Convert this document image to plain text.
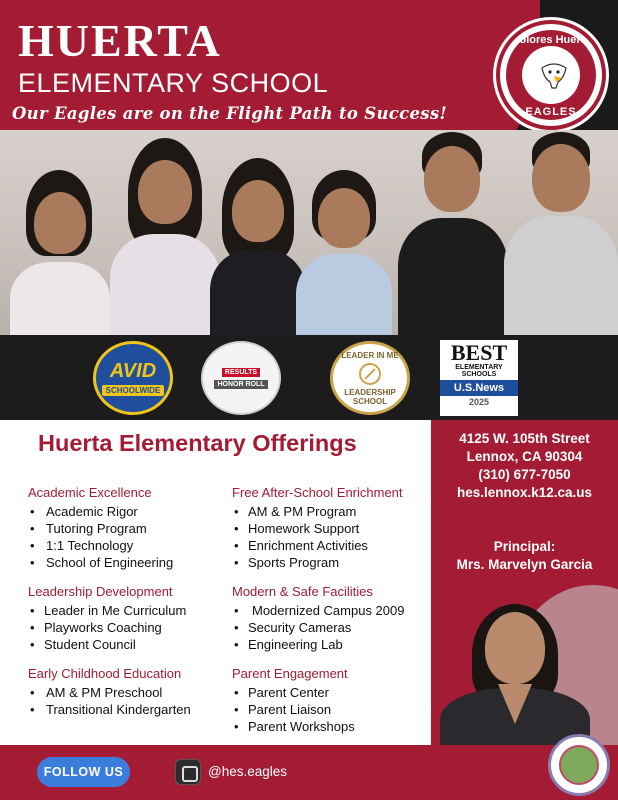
HUERTA
ELEMENTARY SCHOOL
Our Eagles are on the Flight Path to Success!
Dolores Huerta
EAGLES
AVID
SCHOOLWIDE
RESULTS
HONOR ROLL
LEADER IN ME
LEADERSHIP SCHOOL
BEST
ELEMENTARY SCHOOLS
U.S.News
2025
Huerta Elementary Offerings
Academic Excellence
• Academic Rigor
• Tutoring Program
• 1:1 Technology
• School of Engineering
Leadership Development
• Leader in Me Curriculum
• Playworks Coaching
• Student Council
Early Childhood Education
• AM & PM Preschool
• Transitional Kindergarten
Free After-School Enrichment
• AM & PM Program
• Homework Support
• Enrichment Activities
• Sports Program
Modern & Safe Facilities
• Modernized Campus 2009
• Security Cameras
• Engineering Lab
Parent Engagement
• Parent Center
• Parent Liaison
• Parent Workshops
4125 W. 105th Street
Lennox, CA 90304
(310) 677-7050
hes.lennox.k12.ca.us
Principal:
Mrs. Marvelyn Garcia
FOLLOW US	@hes.eagles
